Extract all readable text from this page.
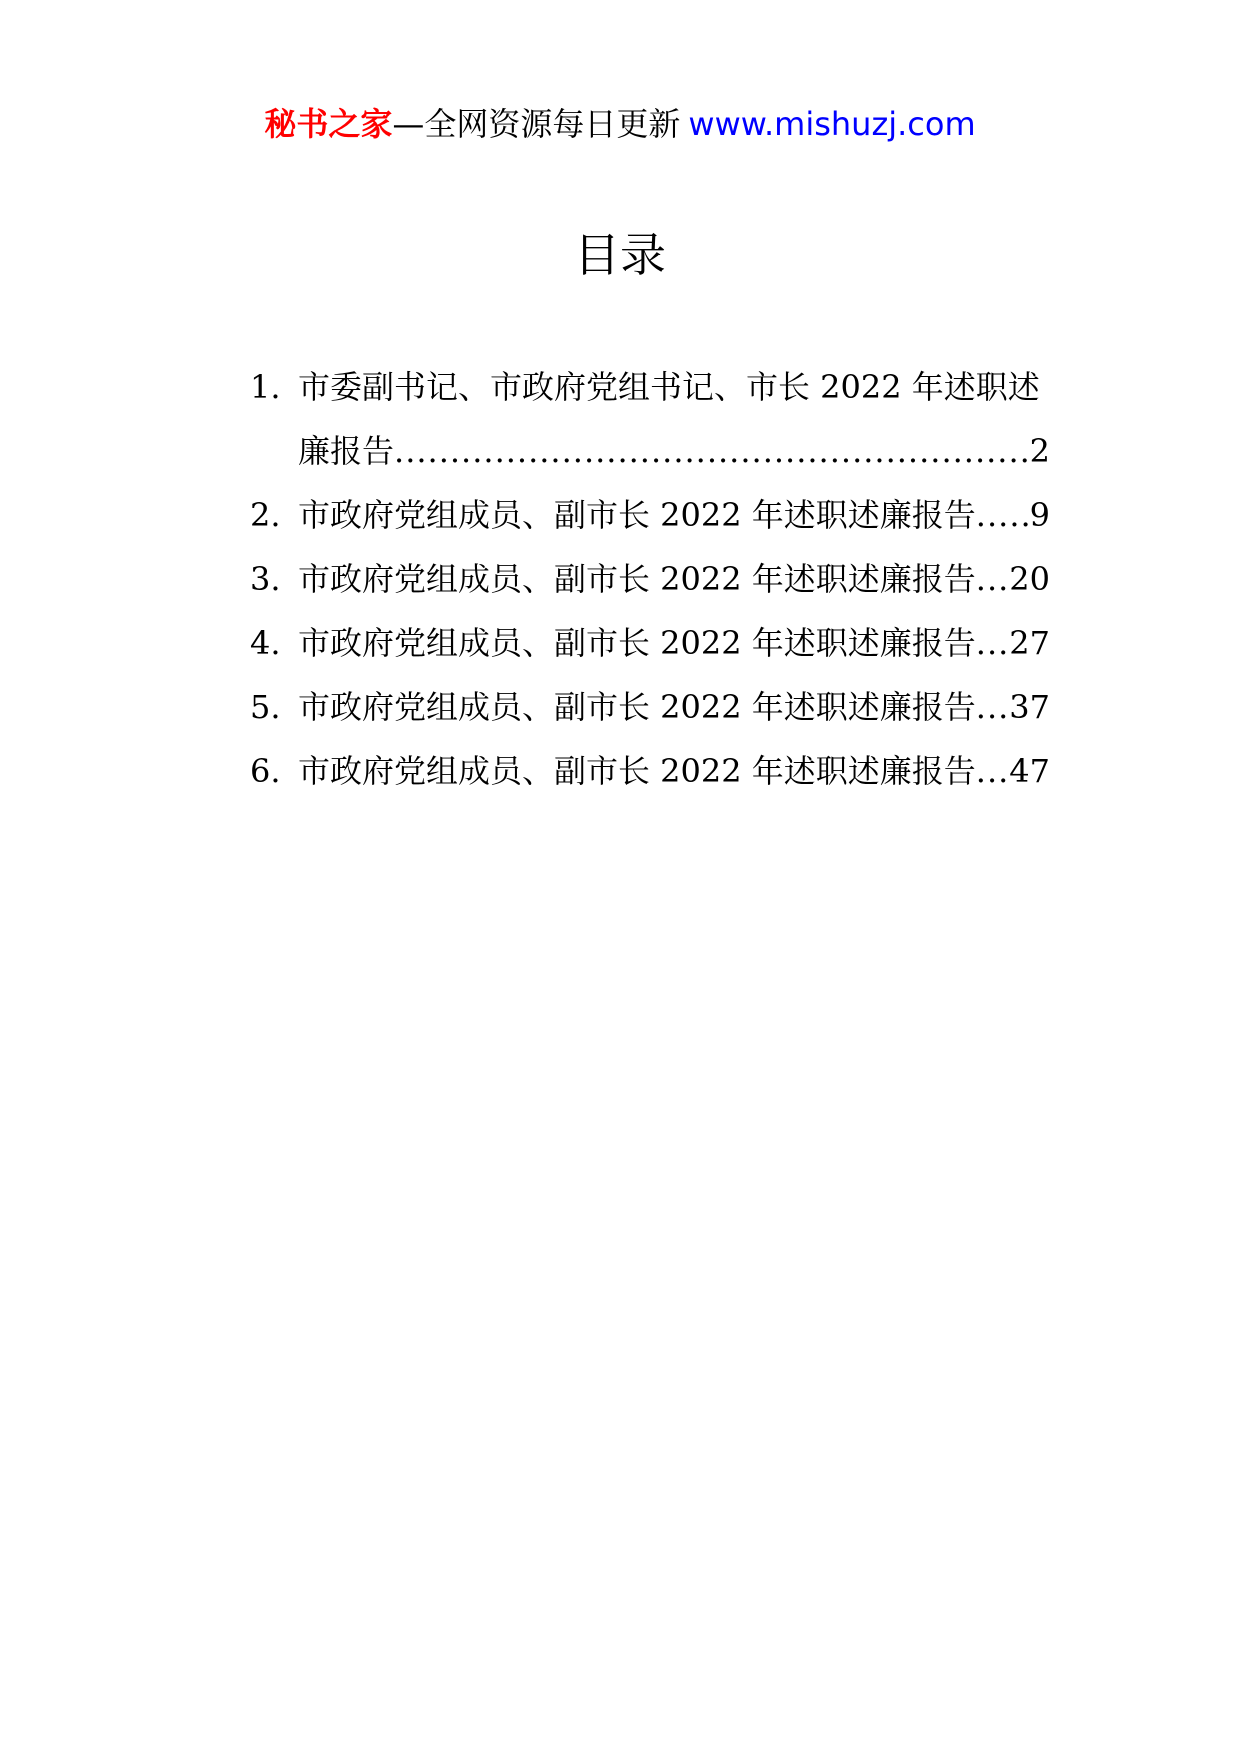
秘书之家—全网资源每日更新 www.mishuzj.com
目录
1. 市委副书记、市政府党组书记、市长 2022 年述职述
廉报告 .....	2
2. 市政府党组成员、副市长 2022 年述职述廉报告 ..... 9
3. 市政府党组成员、副市长 2022 年述职述廉报告 ..... 20
4. 市政府党组成员、副市长 2022 年述职述廉报告 ..... 27
5. 市政府党组成员、副市长 2022 年述职述廉报告 ..... 37
6. 市政府党组成员、副市长 2022 年述职述廉报告 ..... 47
